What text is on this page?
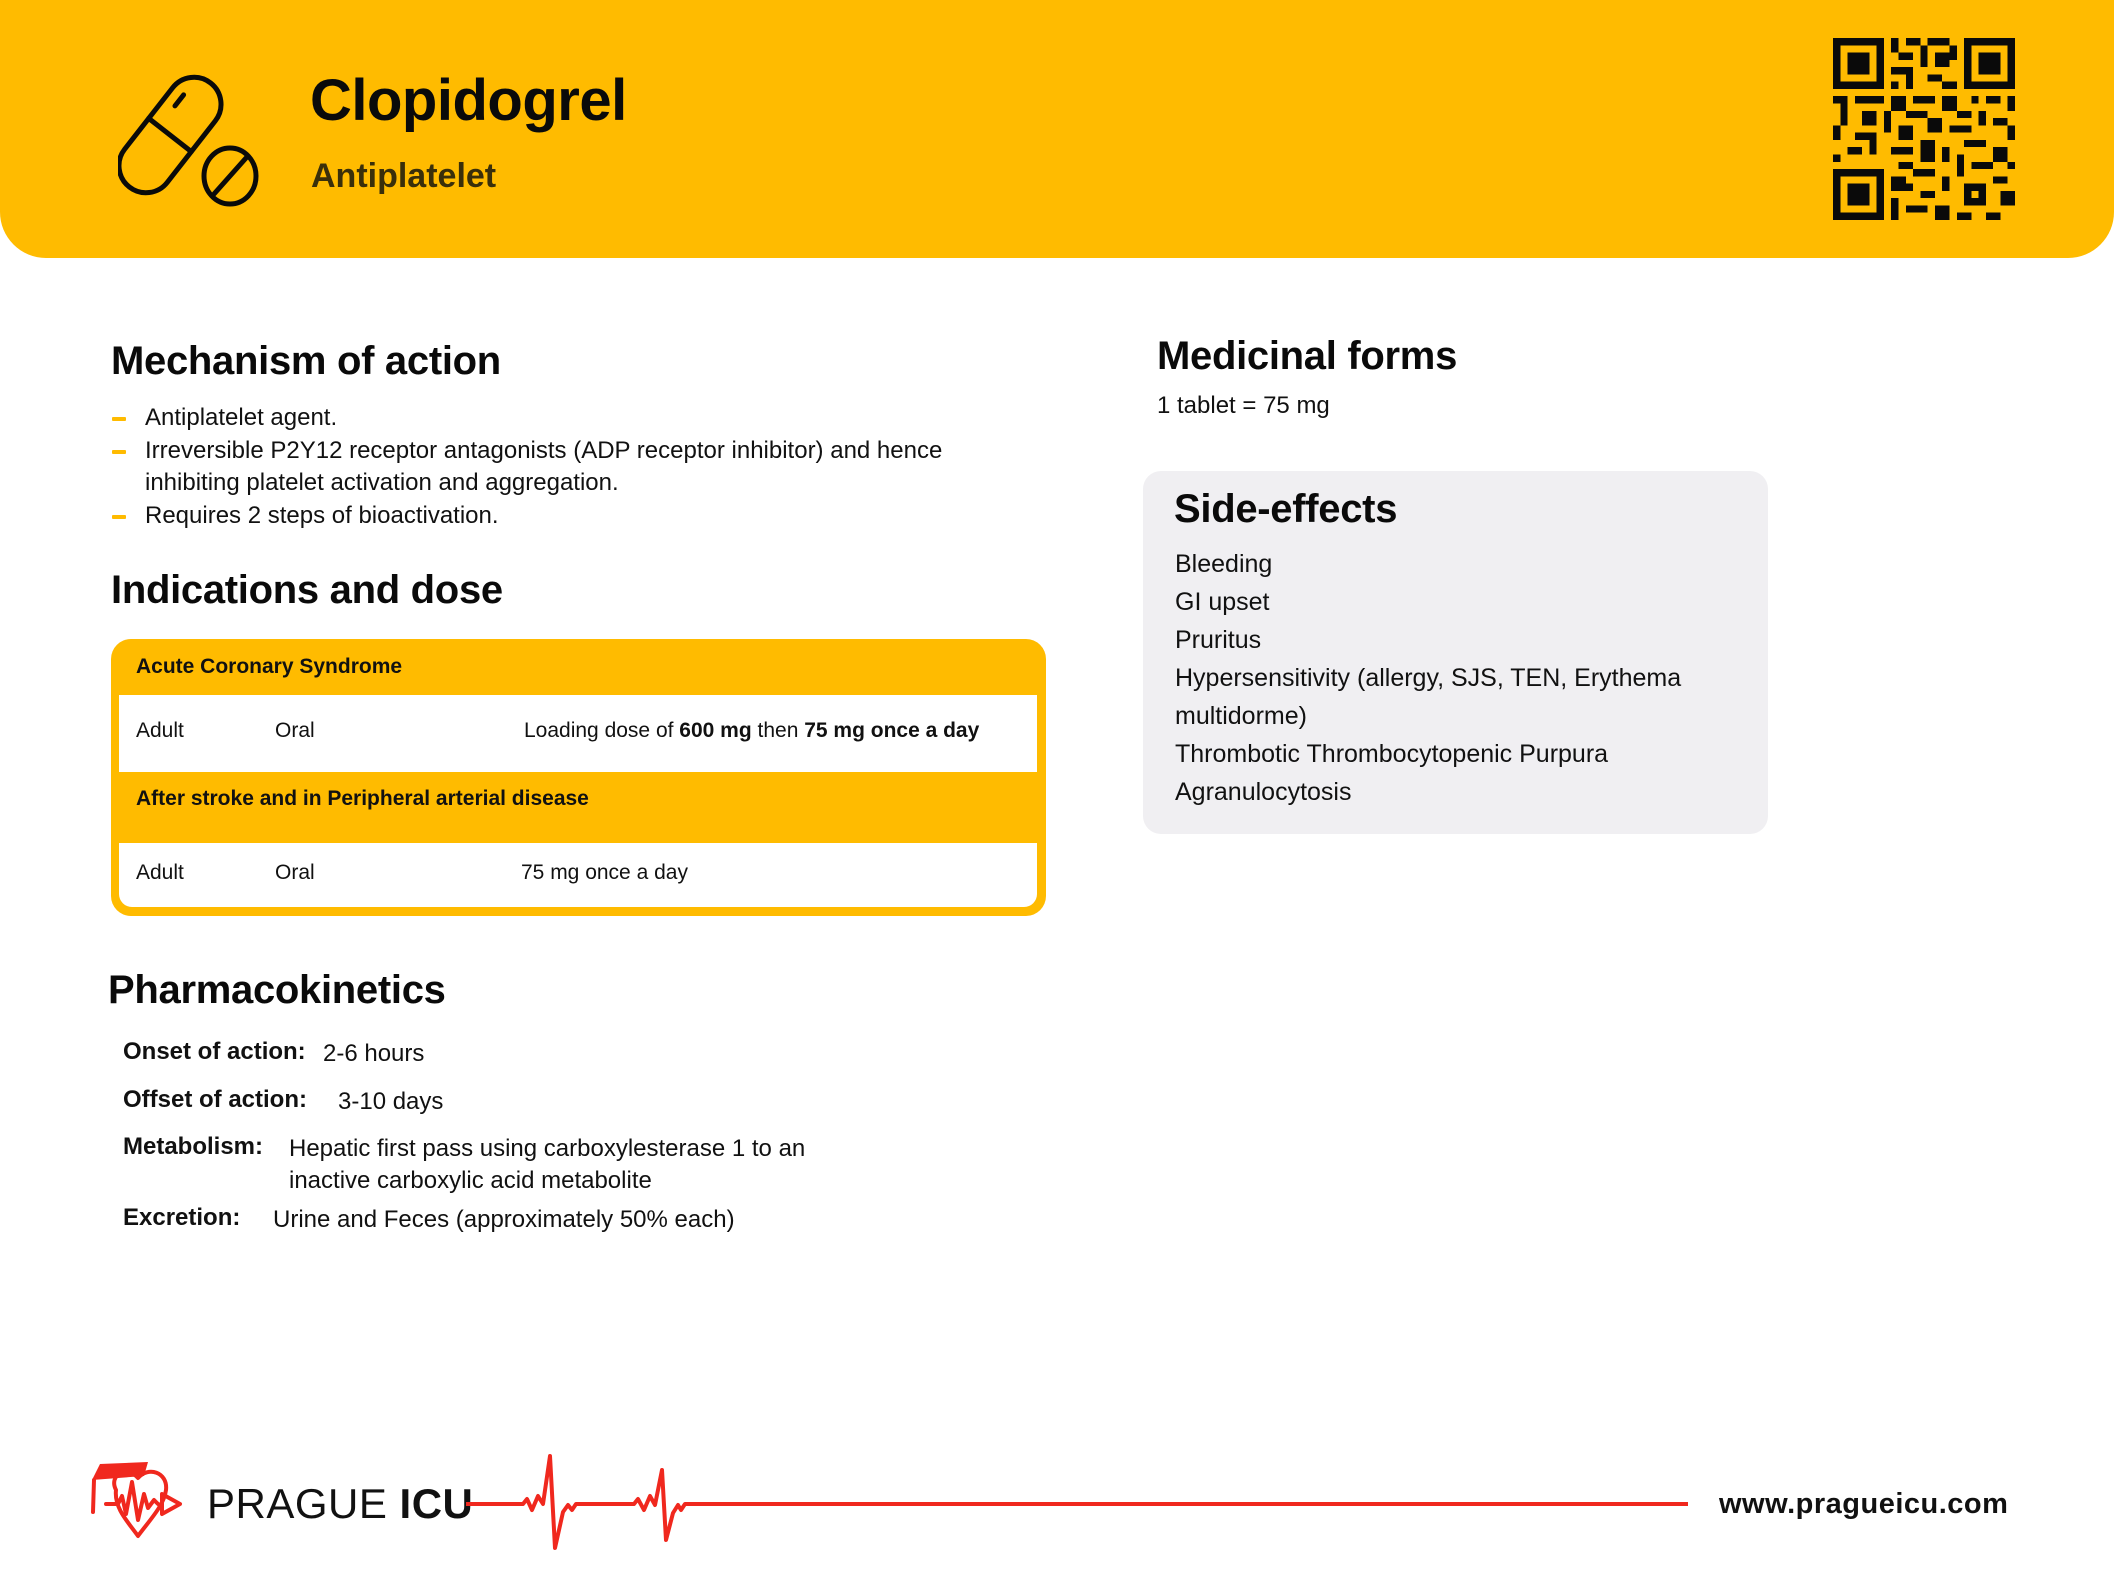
Clopidogrel
Antiplatelet
Mechanism of action
Antiplatelet agent.
Irreversible P2Y12 receptor antagonists (ADP receptor inhibitor) and hence inhibiting platelet activation and aggregation.
Requires 2 steps of bioactivation.
Indications and dose
Acute Coronary Syndrome
Adult	Oral	Loading dose of 600 mg then 75 mg once a day
After stroke and in Peripheral arterial disease
Adult	Oral	75 mg once a day
Pharmacokinetics
Onset of action: 2-6 hours
Offset of action: 3-10 days
Metabolism: Hepatic first pass using carboxylesterase 1 to an
inactive carboxylic acid metabolite
Excretion: Urine and Feces (approximately 50% each)
Medicinal forms
1 tablet = 75 mg
Side-effects
Bleeding
GI upset
Pruritus
Hypersensitivity (allergy, SJS, TEN, Erythema multidorme)
Thrombotic Thrombocytopenic Purpura
Agranulocytosis
PRAGUE ICU	www.pragueicu.com
